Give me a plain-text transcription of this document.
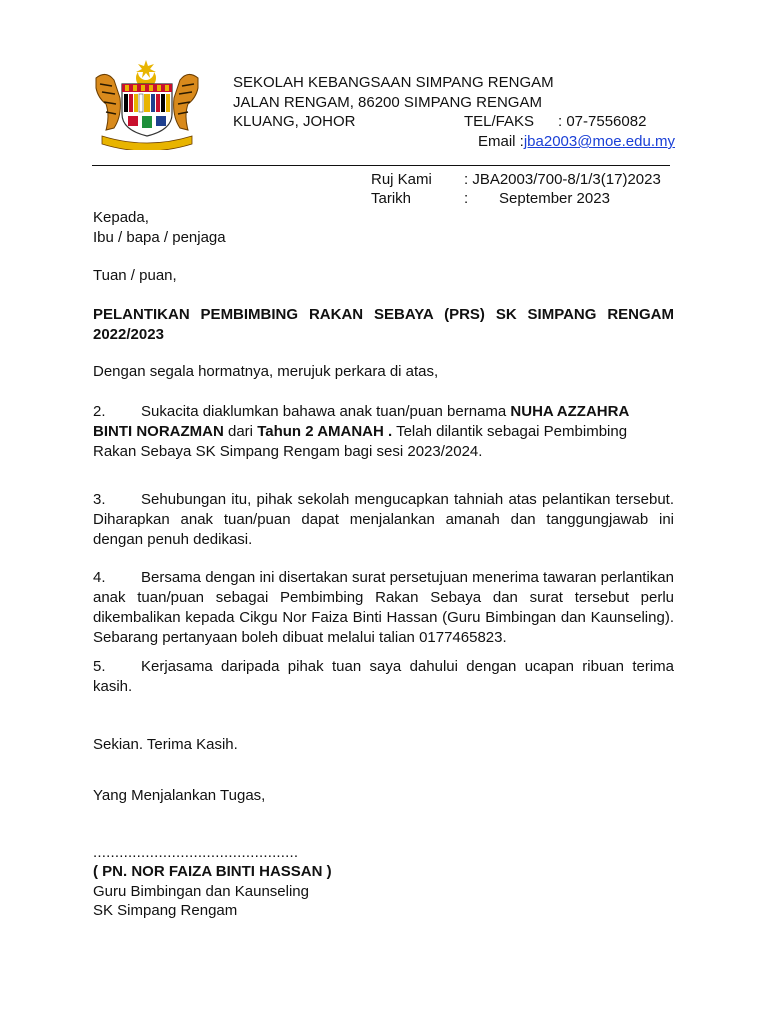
SEKOLAH KEBANGSAAN SIMPANG RENGAM
JALAN RENGAM, 86200 SIMPANG RENGAM
KLUANG, JOHOR	TEL/FAKS : 07-7556082
Email :jba2003@moe.edu.my
Ruj Kami : JBA2003/700-8/1/3(17)2023
Tarikh	: September 2023
Kepada,
Ibu / bapa / penjaga
Tuan / puan,
PELANTIKAN PEMBIMBING RAKAN SEBAYA (PRS) SK SIMPANG RENGAM
2022/2023
Dengan segala hormatnya, merujuk perkara di atas,
2. Sukacita diaklumkan bahawa anak tuan/puan bernama NUHA AZZAHRA
BINTI NORAZMAN dari Tahun 2 AMANAH . Telah dilantik sebagai Pembimbing
Rakan Sebaya SK Simpang Rengam bagi sesi 2023/2024.
3. Sehubungan itu, pihak sekolah mengucapkan tahniah atas pelantikan tersebut. Diharapkan anak tuan/puan dapat menjalankan amanah dan tanggungjawab ini dengan penuh dedikasi.
4. Bersama dengan ini disertakan surat persetujuan menerima tawaran perlantikan anak tuan/puan sebagai Pembimbing Rakan Sebaya dan surat tersebut perlu dikembalikan kepada Cikgu Nor Faiza Binti Hassan (Guru Bimbingan dan Kaunseling). Sebarang pertanyaan boleh dibuat melalui talian 0177465823.
5. Kerjasama daripada pihak tuan saya dahului dengan ucapan ribuan terima kasih.
Sekian. Terima Kasih.
Yang Menjalankan Tugas,
...............................................
( PN. NOR FAIZA BINTI HASSAN )
Guru Bimbingan dan Kaunseling
SK Simpang Rengam
